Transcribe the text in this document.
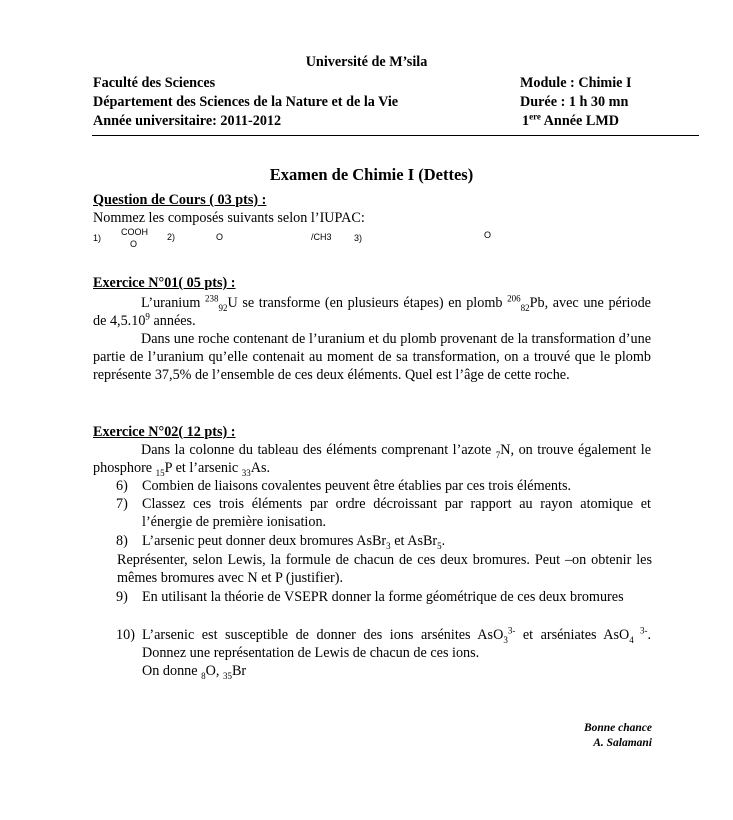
Université de M’sila
Faculté des Sciences
Département des Sciences de la Nature et de la Vie
Année universitaire: 2011-2012
Module : Chimie I
Durée : 1 h 30 mn
1ere Année LMD
Examen de Chimie I (Dettes)
Question de Cours ( 03 pts) :
Nommez les composés suivants selon l’IUPAC:
1)
COOH
O
2)	O	/CH3 3)	O
Exercice N°01( 05 pts) :
L’uranium $^{238}_{92}$U se transforme (en plusieurs étapes) en plomb $^{206}_{82}$Pb, avec une période de 4,5.10$^9$ années.
Dans une roche contenant de l’uranium et du plomb provenant de la transformation d’une partie de l’uranium qu’elle contenait au moment de sa transformation, on a trouvé que le plomb représente 37,5% de l’ensemble de ces deux éléments. Quel est l’âge de cette roche.
Exercice N°02( 12 pts) :
Dans la colonne du tableau des éléments comprenant l’azote $_7$N, on trouve également le phosphore $_{15}$P et l’arsenic $_{33}$As.
6) Combien de liaisons covalentes peuvent être établies par ces trois éléments.
7) Classez ces trois éléments par ordre décroissant par rapport au rayon atomique et l’énergie de première ionisation.
8) L’arsenic peut donner deux bromures AsBr$_3$ et AsBr$_5$.
Représenter, selon Lewis, la formule de chacun de ces deux bromures. Peut –on obtenir les mêmes bromures avec N et P (justifier).
9) En utilisant la théorie de VSEPR donner la forme géométrique de ces deux bromures
10) L’arsenic est susceptible de donner des ions arsénites AsO$_3^{3-}$ et arséniates AsO$_4$ $^{3-}$. Donnez une représentation de Lewis de chacun de ces ions.
On donne $_8$O, $_{35}$Br
Bonne chance
A. Salamani
